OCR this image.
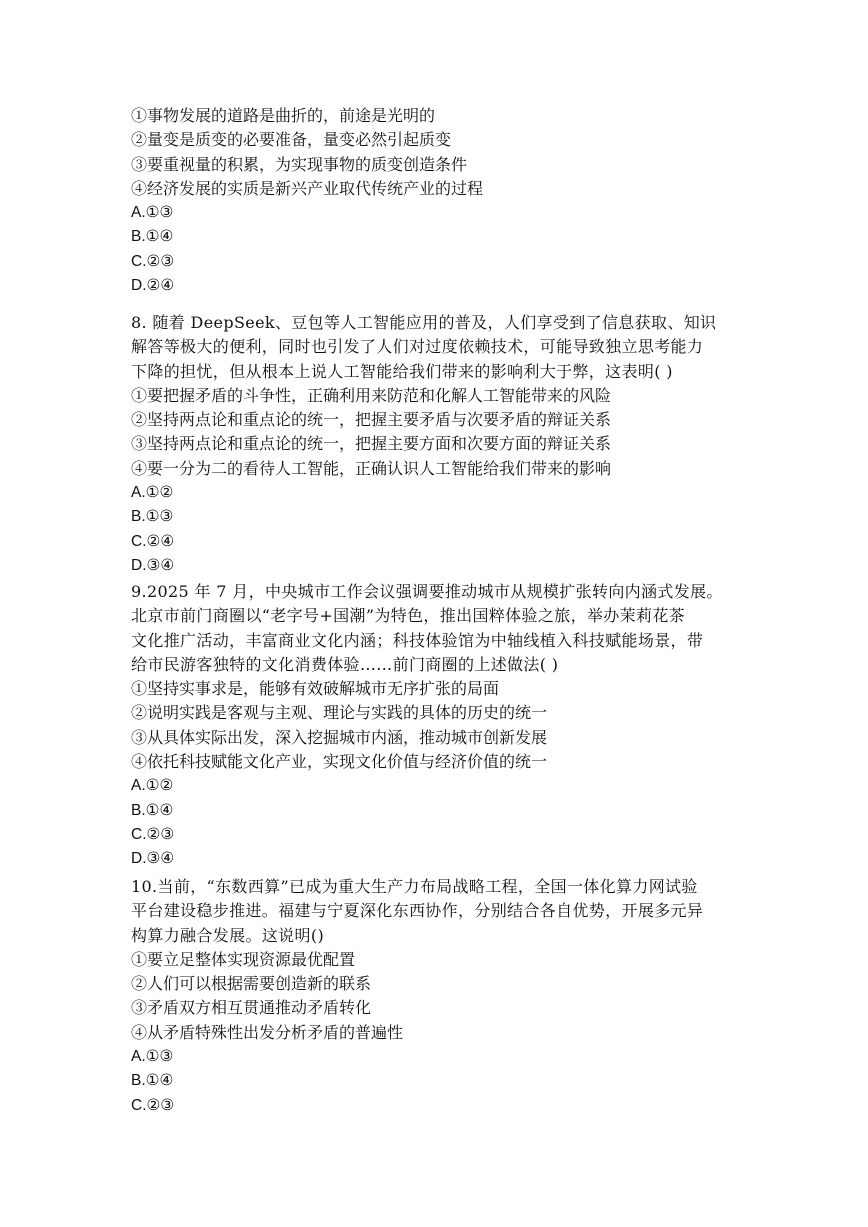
①事物发展的道路是曲折的，前途是光明的
②量变是质变的必要准备，量变必然引起质变
③要重视量的积累，为实现事物的质变创造条件
④经济发展的实质是新兴产业取代传统产业的过程
A.①③
B.①④
C.②③
D.②④
8. 随着 DeepSeek、豆包等人工智能应用的普及，人们享受到了信息获取、知识
解答等极大的便利，同时也引发了人们对过度依赖技术，可能导致独立思考能力
下降的担忧，但从根本上说人工智能给我们带来的影响利大于弊，这表明( )
①要把握矛盾的斗争性，正确利用来防范和化解人工智能带来的风险
②坚持两点论和重点论的统一，把握主要矛盾与次要矛盾的辩证关系
③坚持两点论和重点论的统一，把握主要方面和次要方面的辩证关系
④要一分为二的看待人工智能，正确认识人工智能给我们带来的影响
A.①②
B.①③
C.②④
D.③④
9.2025 年 7 月，中央城市工作会议强调要推动城市从规模扩张转向内涵式发展。
北京市前门商圈以“老字号+国潮”为特色，推出国粹体验之旅，举办茉莉花茶
文化推广活动，丰富商业文化内涵；科技体验馆为中轴线植入科技赋能场景，带
给市民游客独特的文化消费体验……前门商圈的上述做法( )
①坚持实事求是，能够有效破解城市无序扩张的局面
②说明实践是客观与主观、理论与实践的具体的历史的统一
③从具体实际出发，深入挖掘城市内涵，推动城市创新发展
④依托科技赋能文化产业，实现文化价值与经济价值的统一
A.①②
B.①④
C.②③
D.③④
10.当前，“东数西算”已成为重大生产力布局战略工程，全国一体化算力网试验
平台建设稳步推进。福建与宁夏深化东西协作，分别结合各自优势，开展多元异
构算力融合发展。这说明()
①要立足整体实现资源最优配置
②人们可以根据需要创造新的联系
③矛盾双方相互贯通推动矛盾转化
④从矛盾特殊性出发分析矛盾的普遍性
A.①③
B.①④
C.②③
